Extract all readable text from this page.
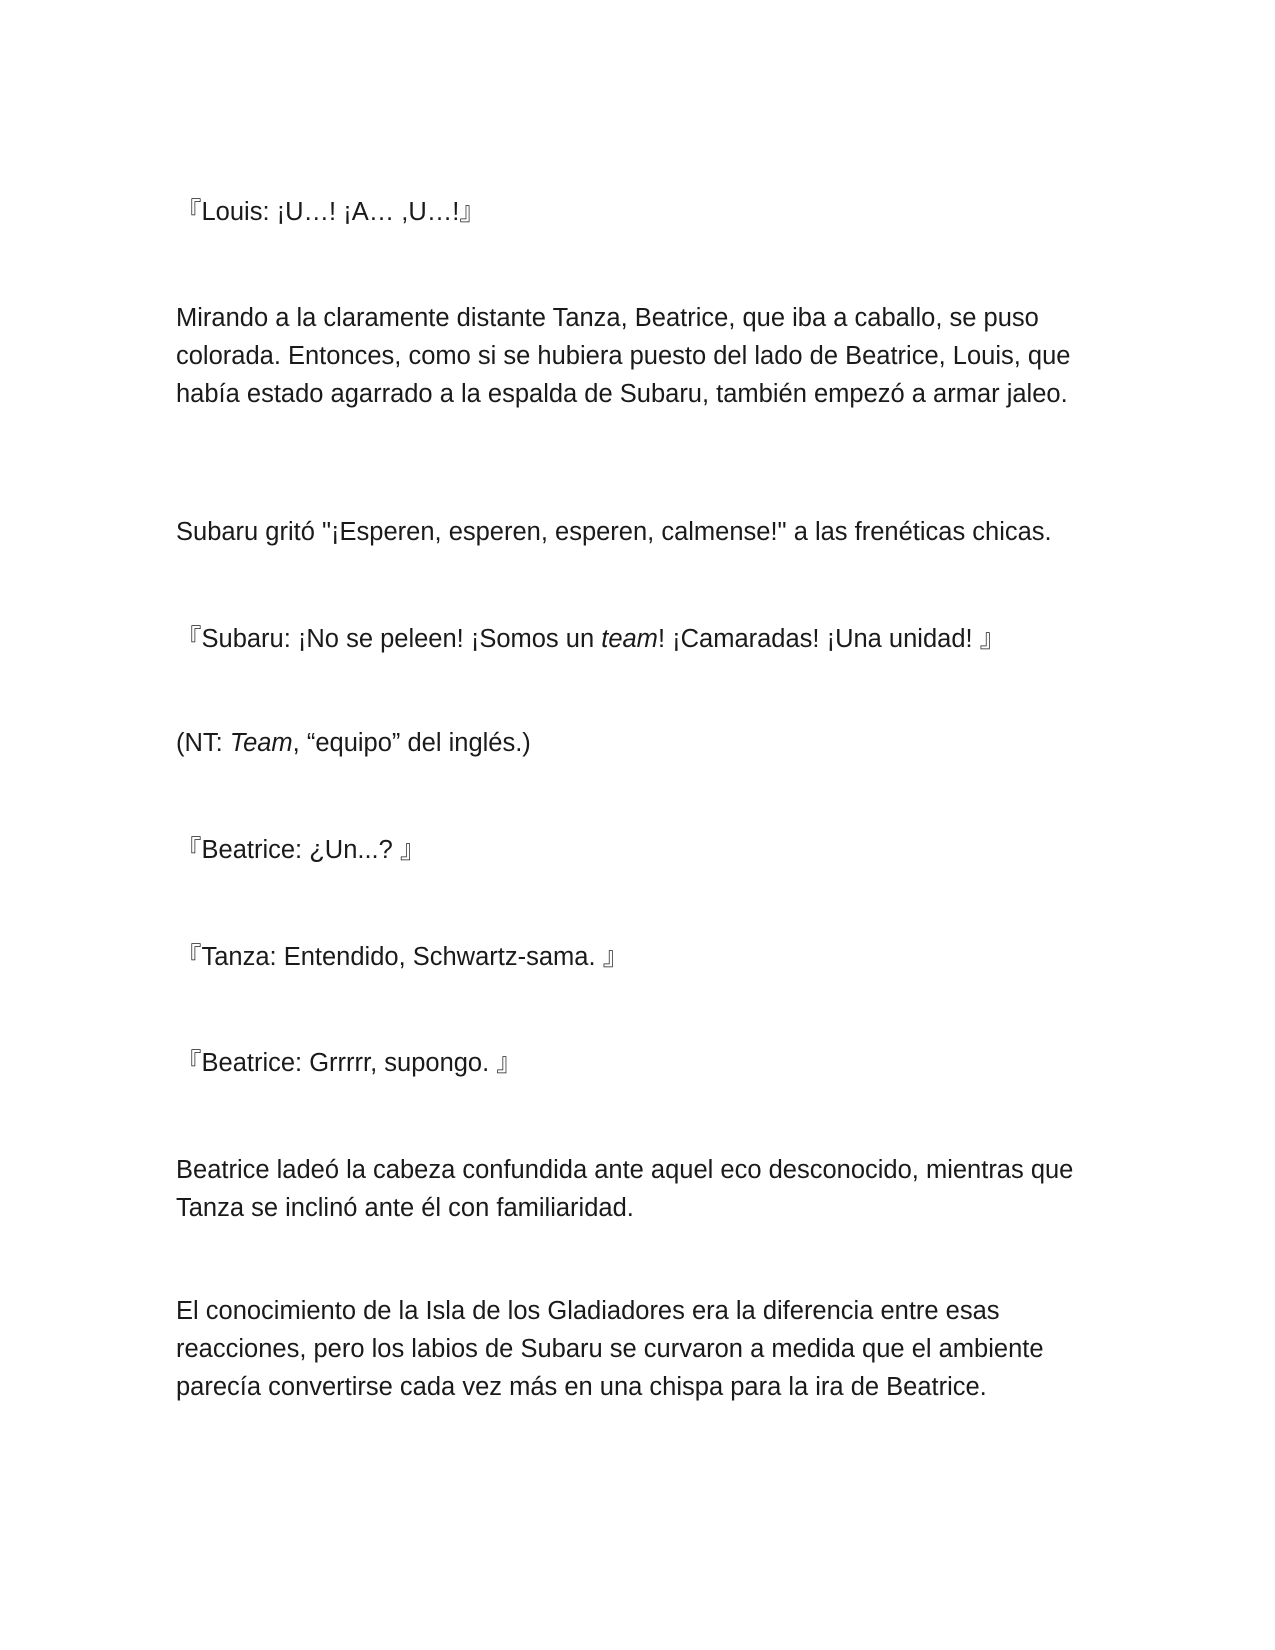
『Louis: ¡U…! ¡A… ,U…!』

Mirando a la claramente distante Tanza, Beatrice, que iba a caballo, se puso colorada. Entonces, como si se hubiera puesto del lado de Beatrice, Louis, que había estado agarrado a la espalda de Subaru, también empezó a armar jaleo.

Subaru gritó "¡Esperen, esperen, esperen, calmense!" a las frenéticas chicas.

『Subaru: ¡No se peleen! ¡Somos un team! ¡Camaradas! ¡Una unidad! 』

(NT: Team, “equipo” del inglés.)

『Beatrice: ¿Un...? 』

『Tanza: Entendido, Schwartz-sama. 』

『Beatrice: Grrrrr, supongo. 』

Beatrice ladeó la cabeza confundida ante aquel eco desconocido, mientras que Tanza se inclinó ante él con familiaridad.

El conocimiento de la Isla de los Gladiadores era la diferencia entre esas reacciones, pero los labios de Subaru se curvaron a medida que el ambiente parecía convertirse cada vez más en una chispa para la ira de Beatrice.
